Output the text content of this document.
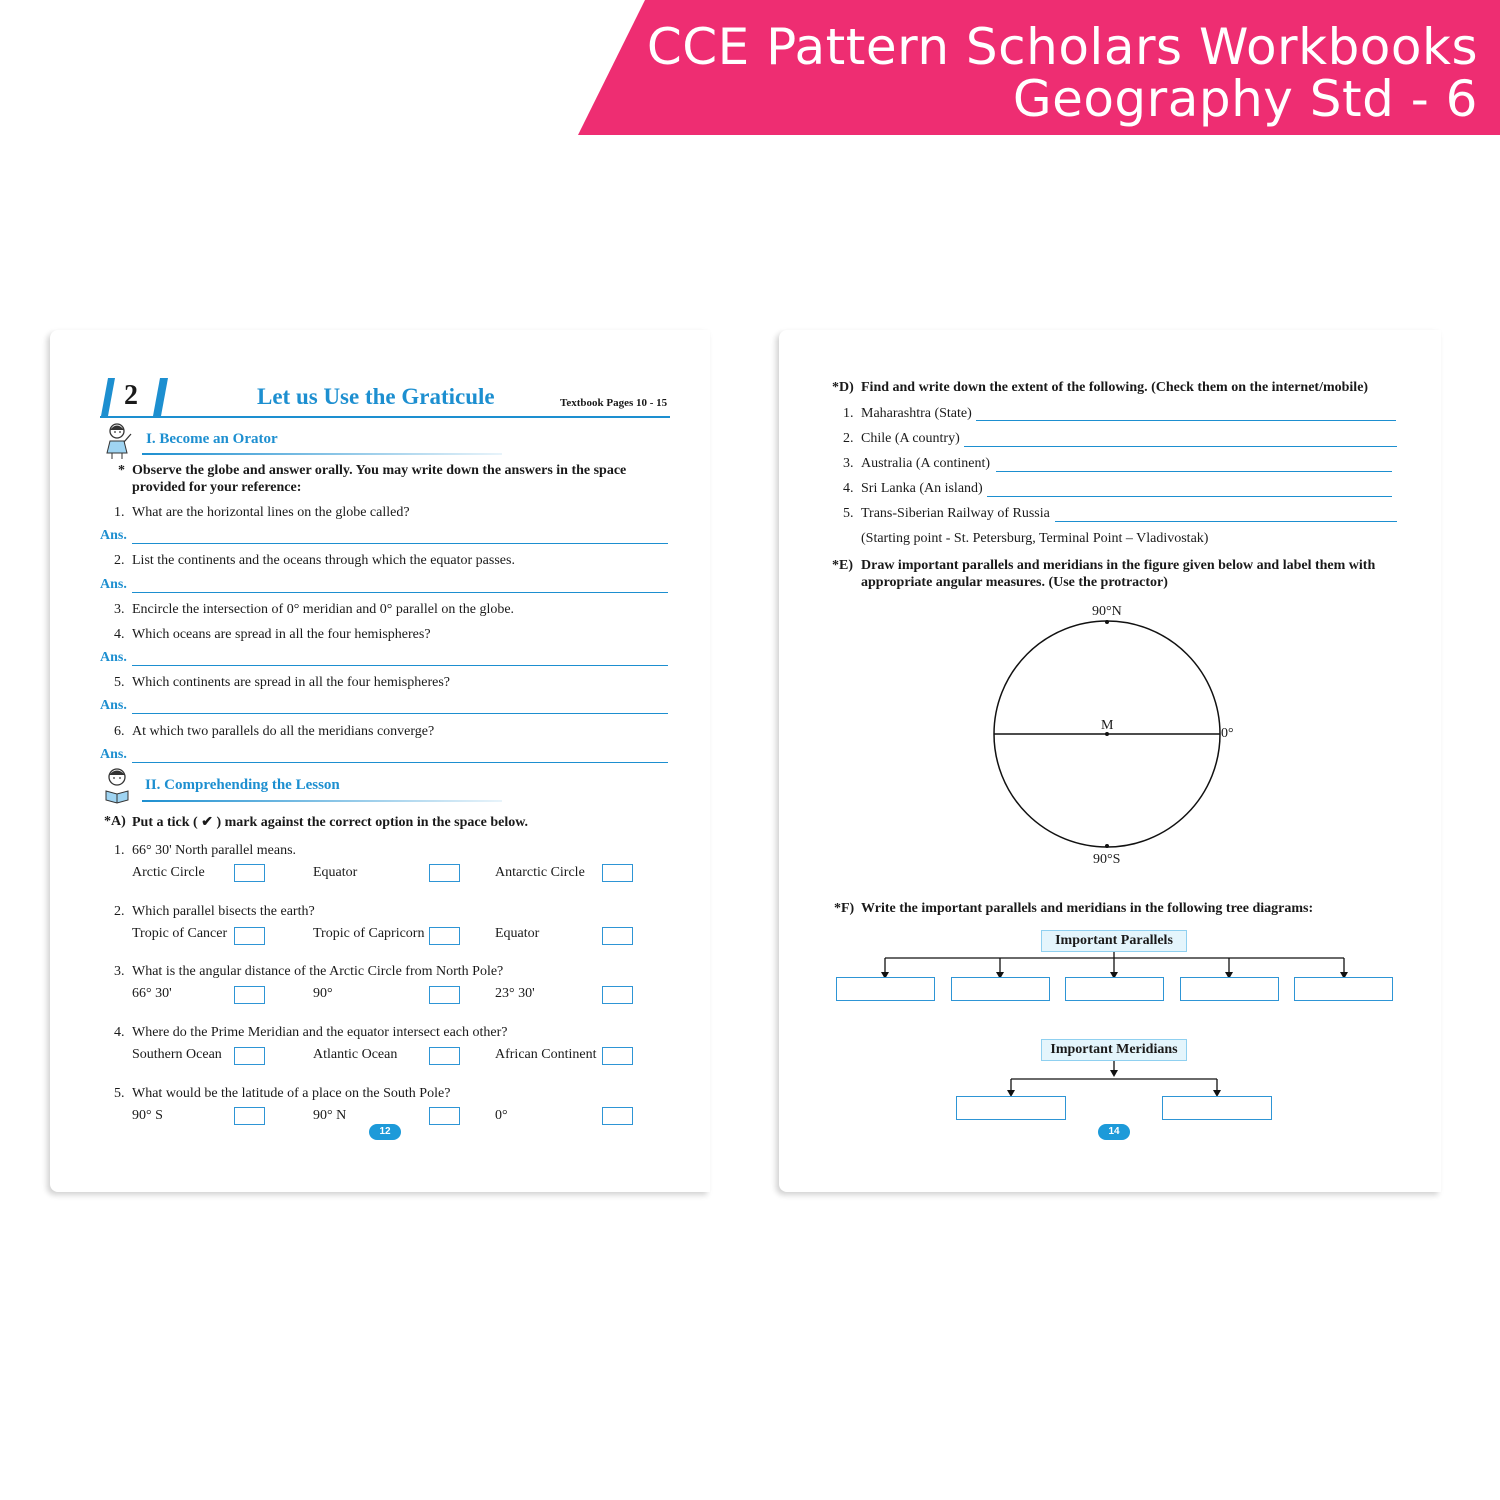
CCE Pattern Scholars Workbooks
Geography Std - 6
2	Let us Use the Graticule	Textbook Pages 10 - 15
I. Become an Orator
* Observe the globe and answer orally. You may write down the answers in the space
provided for your reference:
1. What are the horizontal lines on the globe called?
Ans.
2. List the continents and the oceans through which the equator passes.
Ans.
3. Encircle the intersection of 0° meridian and 0° parallel on the globe.
4. Which oceans are spread in all the four hemispheres?
Ans.
5. Which continents are spread in all the four hemispheres?
Ans.
6. At which two parallels do all the meridians converge?
Ans.
II. Comprehending the Lesson
*A) Put a tick ( ✔ ) mark against the correct option in the space below.
1. 66° 30' North parallel means.
Arctic Circle	Equator	Antarctic Circle
2. Which parallel bisects the earth?
Tropic of Cancer	Tropic of Capricorn	Equator
3. What is the angular distance of the Arctic Circle from North Pole?
66° 30'	90°	23° 30'
4. Where do the Prime Meridian and the equator intersect each other?
Southern Ocean	Atlantic Ocean	African Continent
5. What would be the latitude of a place on the South Pole?
90° S	90° N	0°
12
*D) Find and write down the extent of the following. (Check them on the internet/mobile)
1. Maharashtra (State)
2. Chile (A country)
3. Australia (A continent)
4. Sri Lanka (An island)
5. Trans-Siberian Railway of Russia
(Starting point - St. Petersburg, Terminal Point – Vladivostak)
*E) Draw important parallels and meridians in the figure given below and label them with
appropriate angular measures. (Use the protractor)
90°N
90°S
M
0°
*F) Write the important parallels and meridians in the following tree diagrams:
Important Parallels
Important Meridians
14
